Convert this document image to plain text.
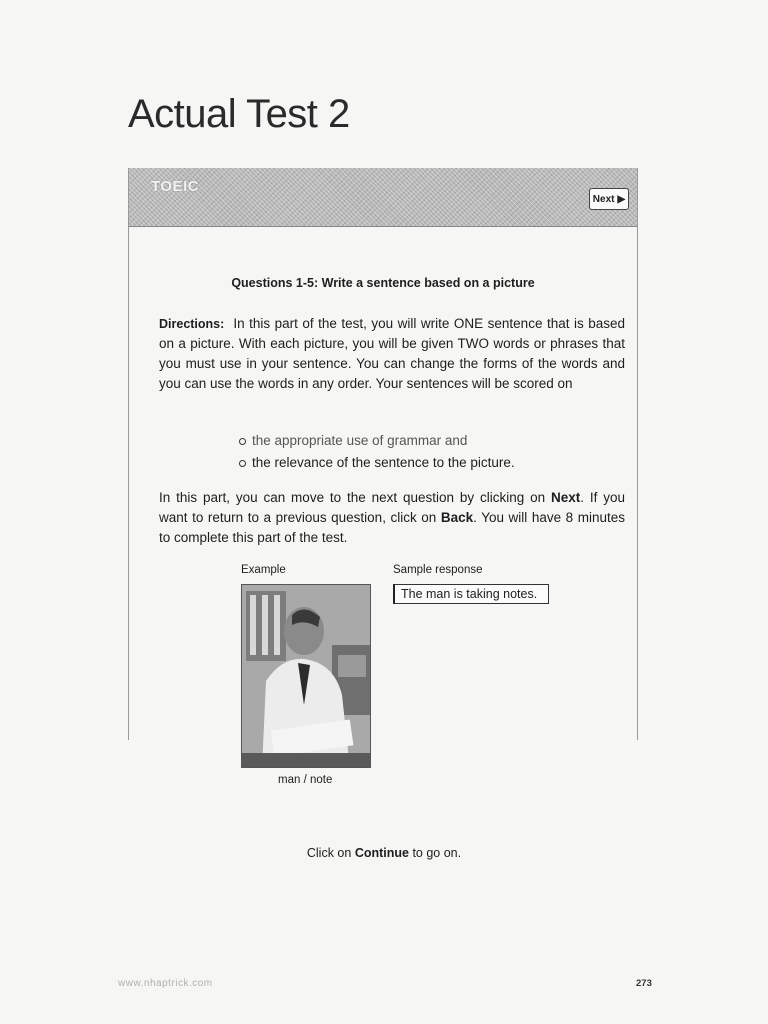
Actual Test 2
TOEIC
Next ▶
Questions 1-5: Write a sentence based on a picture
Directions: In this part of the test, you will write ONE sentence that is based on a picture. With each picture, you will be given TWO words or phrases that you must use in your sentence. You can change the forms of the words and you can use the words in any order. Your sentences will be scored on
the appropriate use of grammar and
the relevance of the sentence to the picture.
In this part, you can move to the next question by clicking on Next. If you want to return to a previous question, click on Back. You will have 8 minutes to complete this part of the test.
Example	Sample response
The man is taking notes.
man / note
Click on Continue to go on.
www.nhaptrick.com	273
